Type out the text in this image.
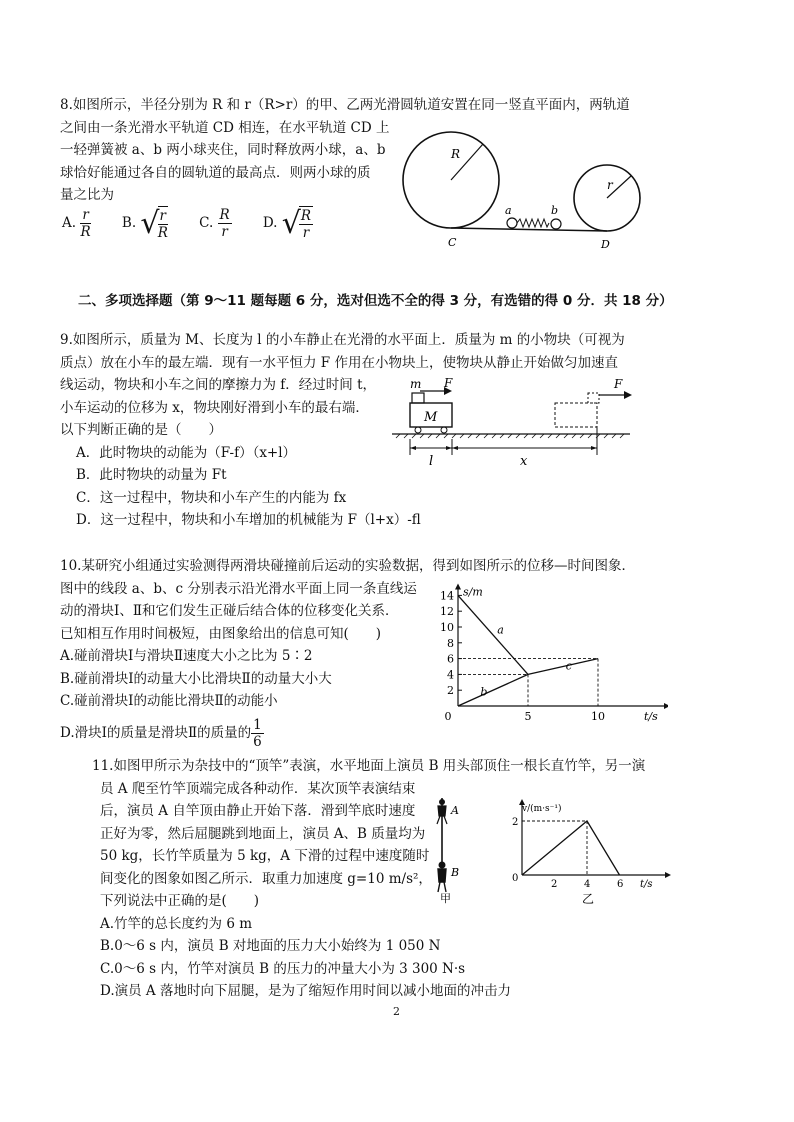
8.如图所示，半径分别为 R 和 r（R>r）的甲、乙两光滑圆轨道安置在同一竖直平面内，两轨道
之间由一条光滑水平轨道 CD 相连，在水平轨道 CD 上
一轻弹簧被 a、b 两小球夹住，同时释放两小球，a、b
球恰好能通过各自的圆轨道的最高点．则两小球的质
量之比为
A. $\frac{r}{R} B$. √
$\frac{r}{R} C$. $\frac{R}{r} D$. √
$\frac{R}{r}$
R
r
a	b
C	D
二、多项选择题（第 9～11 题每题 6 分，选对但选不全的得 3 分，有选错的得 0 分．共 18 分）
9.如图所示，质量为 M、长度为 l 的小车静止在光滑的水平面上．质量为 m 的小物块（可视为
质点）放在小车的最左端．现有一水平恒力 F 作用在小物块上，使物块从静止开始做匀加速直
线运动，物块和小车之间的摩擦力为 f．经过时间 t，
小车运动的位移为 x，物块刚好滑到小车的最右端．
以下判断正确的是（　　）
A．此时物块的动能为（F-f）（x+l）
B．此时物块的动量为 Ft
C．这一过程中，物块和小车产生的内能为 fx
D．这一过程中，物块和小车增加的机械能为 F（l+x）-fl
m F
M
F
l	x
10.某研究小组通过实验测得两滑块碰撞前后运动的实验数据，得到如图所示的位移—时间图象．
图中的线段 a、b、c 分别表示沿光滑水平面上同一条直线运
动的滑块Ⅰ、Ⅱ和它们发生正碰后结合体的位移变化关系．
已知相互作用时间极短，由图象给出的信息可知(　　)
A.碰前滑块Ⅰ与滑块Ⅱ速度大小之比为 5∶2
B.碰前滑块Ⅰ的动量大小比滑块Ⅱ的动量大小大
C.碰前滑块Ⅰ的动能比滑块Ⅱ的动能小
D.滑块Ⅰ的质量是滑块Ⅱ的质量的 $\frac{1}{6}$
s/m
t/s
2
4
6
8
10
12
14
0	5	10
a
b
c
11.如图甲所示为杂技中的“顶竿”表演，水平地面上演员 B 用头部顶住一根长直竹竿，另一演
员 A 爬至竹竿顶端完成各种动作．某次顶竿表演结束
后，演员 A 自竿顶由静止开始下落．滑到竿底时速度
正好为零，然后屈腿跳到地面上，演员 A、B 质量均为
50 kg，长竹竿质量为 5 kg，A 下滑的过程中速度随时
间变化的图象如图乙所示．取重力加速度 g=10 m/s²，
下列说法中正确的是(　　)
A.竹竿的总长度约为 6 m
B.0～6 s 内，演员 B 对地面的压力大小始终为 1 050 N
C.0～6 s 内，竹竿对演员 B 的压力的冲量大小为 3 300 N·s
D.演员 A 落地时向下屈腿，是为了缩短作用时间以减小地面的冲击力
A
B
甲
v/(m·s⁻¹)
t/s
0
2	4	6
2
乙
2
